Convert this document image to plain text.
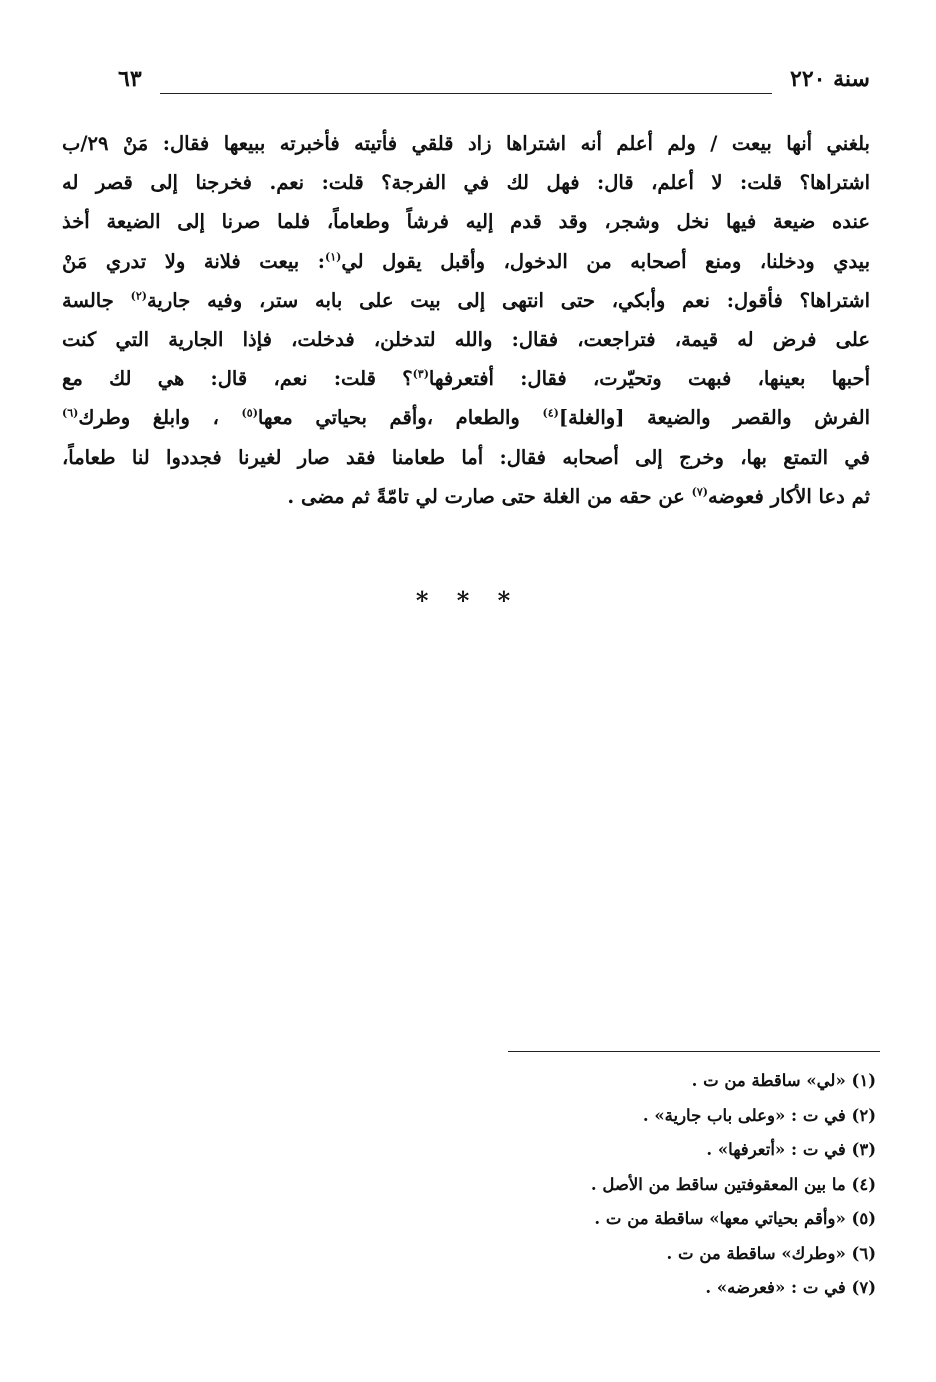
سنة ٢٢٠
٦٣
بلغني أنها بيعت / ولم أعلم أنه اشتراها زاد قلقي فأتيته فأخبرته ببيعها فقال: مَنْ ٢٩/ب
اشتراها؟ قلت: لا أعلم، قال: فهل لك في الفرجة؟ قلت: نعم. فخرجنا إلى قصر له
عنده ضيعة فيها نخل وشجر، وقد قدم إليه فرشاً وطعاماً، فلما صرنا إلى الضيعة أخذ
بيدي ودخلنا، ومنع أصحابه من الدخول، وأقبل يقول لي$^{(١)}$: بيعت فلانة ولا تدري مَنْ
اشتراها؟ فأقول: نعم وأبكي، حتى انتهى إلى بيت على بابه ستر، وفيه جارية$^{(٢)}$ جالسة
على فرض له قيمة، فتراجعت، فقال: والله لتدخلن، فدخلت، فإذا الجارية التي كنت
أحبها بعينها، فبهت وتحيّرت، فقال: أفتعرفها$^{(٣)}$؟ قلت: نعم، قال: هي لك مع
الفرش والقصر والضيعة [والغلة]$^{(٤)}$ والطعام ،وأقم بحياتي معها$^{(٥)}$ ، وابلغ وطرك$^{(٦)}$
في التمتع بها، وخرج إلى أصحابه فقال: أما طعامنا فقد صار لغيرنا فجددوا لنا طعاماً،
ثم دعا الأكار فعوضه$^{(٧)}$ عن حقه من الغلة حتى صارت لي تامّةً ثم مضى .
* * *
(١) «لي» ساقطة من ت .
(٢) في ت : «وعلى باب جارية» .
(٣) في ت : «أتعرفها» .
(٤) ما بين المعقوفتين ساقط من الأصل .
(٥) «وأقم بحياتي معها» ساقطة من ت .
(٦) «وطرك» ساقطة من ت .
(٧) في ت : «فعرضه» .
